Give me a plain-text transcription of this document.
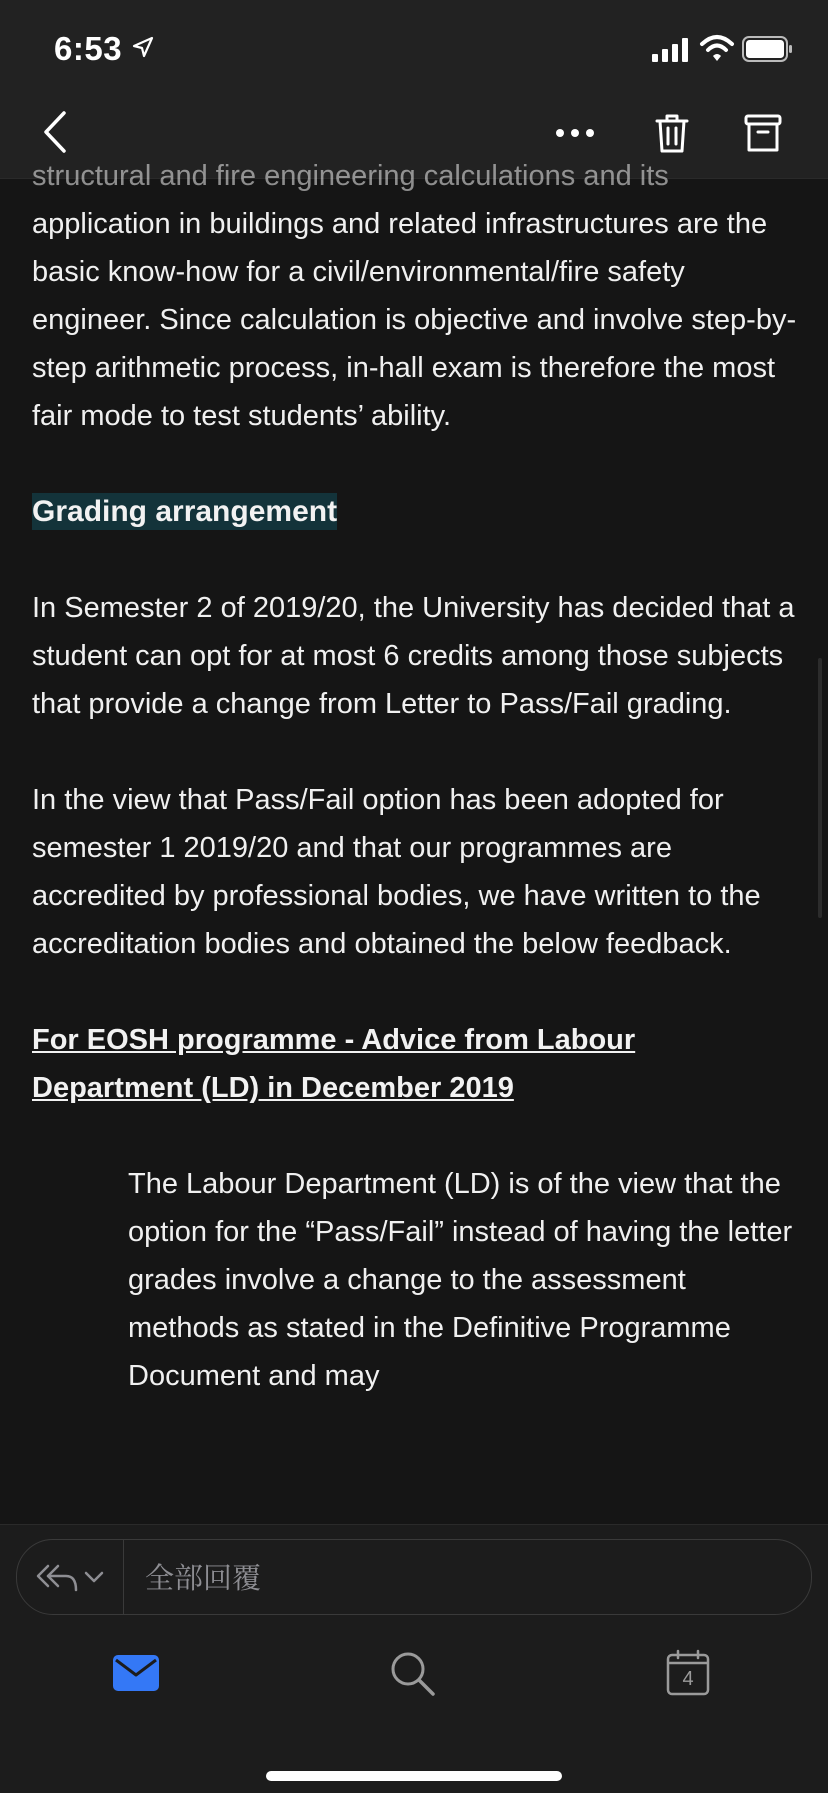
6:53
structural and fire engineering calculations and its

application in buildings and related infrastructures are the basic know-how for a civil/environmental/fire safety engineer. Since calculation is objective and involve step-by-step arithmetic process, in-hall exam is therefore the most fair mode to test students’ ability.

Grading arrangement

In Semester 2 of 2019/20, the University has decided that a student can opt for at most 6 credits among those subjects that provide a change from Letter to Pass/Fail grading.

In the view that Pass/Fail option has been adopted for semester 1 2019/20 and that our programmes are accredited by professional bodies, we have written to the accreditation bodies and obtained the below feedback.

For EOSH programme - Advice from Labour Department (LD) in December 2019

The Labour Department (LD) is of the view that the option for the “Pass/Fail” instead of having the letter grades involve a change to the assessment methods as stated in the Definitive Programme Document and may

全部回覆
4
